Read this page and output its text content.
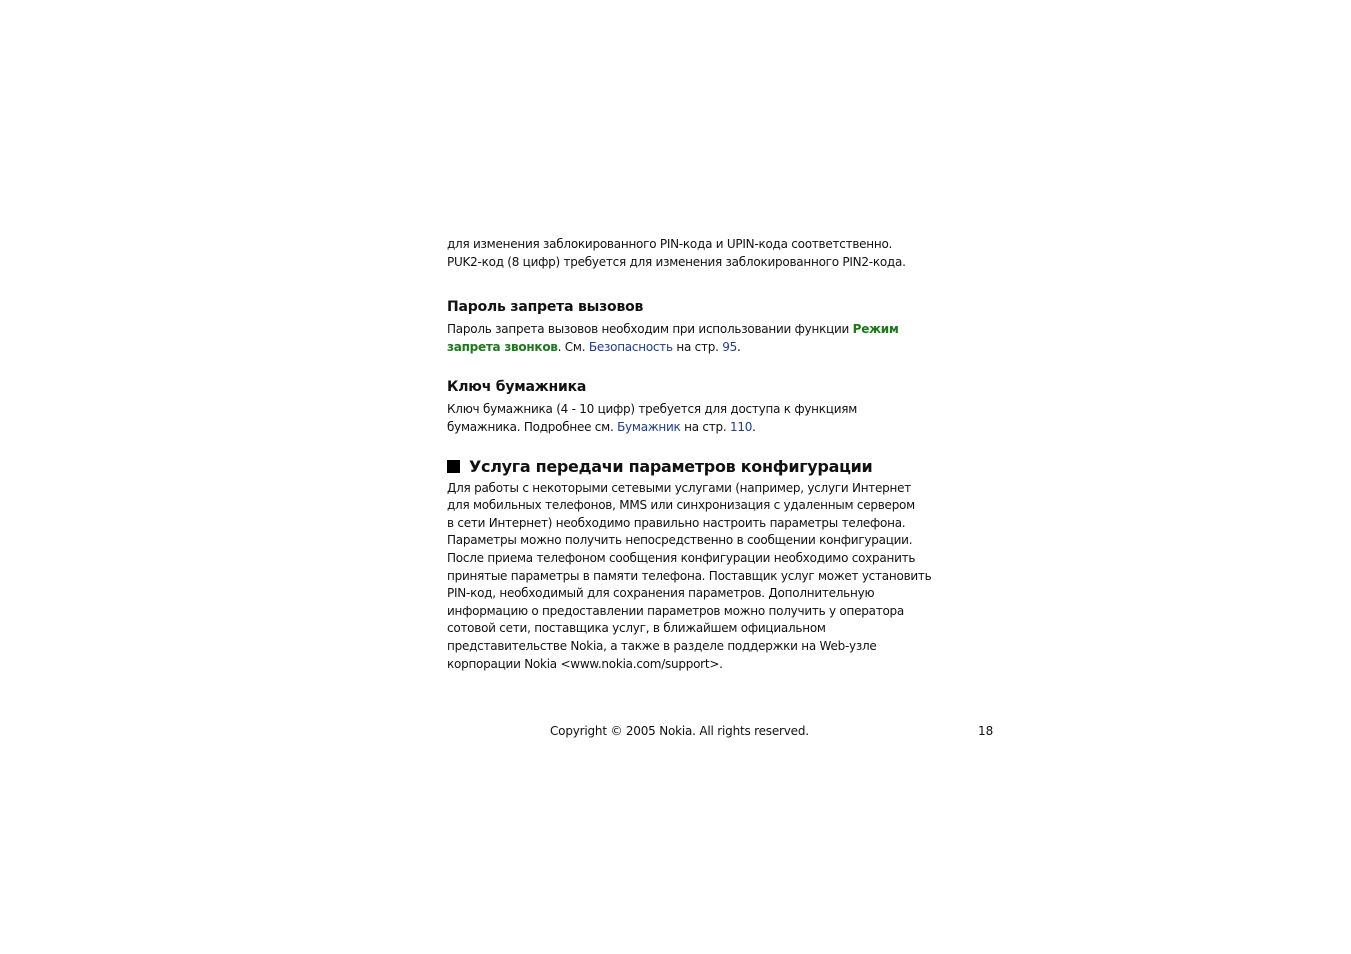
для изменения заблокированного PIN-кода и UPIN-кода соответственно.
PUK2-код (8 цифр) требуется для изменения заблокированного PIN2-кода.

Пароль запрета вызовов

Пароль запрета вызовов необходим при использовании функции Режим
запрета звонков. См. Безопасность на стр. 95.

Ключ бумажника

Ключ бумажника (4 - 10 цифр) требуется для доступа к функциям
бумажника. Подробнее см. Бумажник на стр. 110.

Услуга передачи параметров конфигурации

Для работы с некоторыми сетевыми услугами (например, услуги Интернет
для мобильных телефонов, MMS или синхронизация с удаленным сервером
в сети Интернет) необходимо правильно настроить параметры телефона.
Параметры можно получить непосредственно в сообщении конфигурации.
После приема телефоном сообщения конфигурации необходимо сохранить
принятые параметры в памяти телефона. Поставщик услуг может установить
PIN-код, необходимый для сохранения параметров. Дополнительную
информацию о предоставлении параметров можно получить у оператора
сотовой сети, поставщика услуг, в ближайшем официальном
представительстве Nokia, а также в разделе поддержки на Web-узле
корпорации Nokia <www.nokia.com/support>.

Copyright © 2005 Nokia. All rights reserved.	18
